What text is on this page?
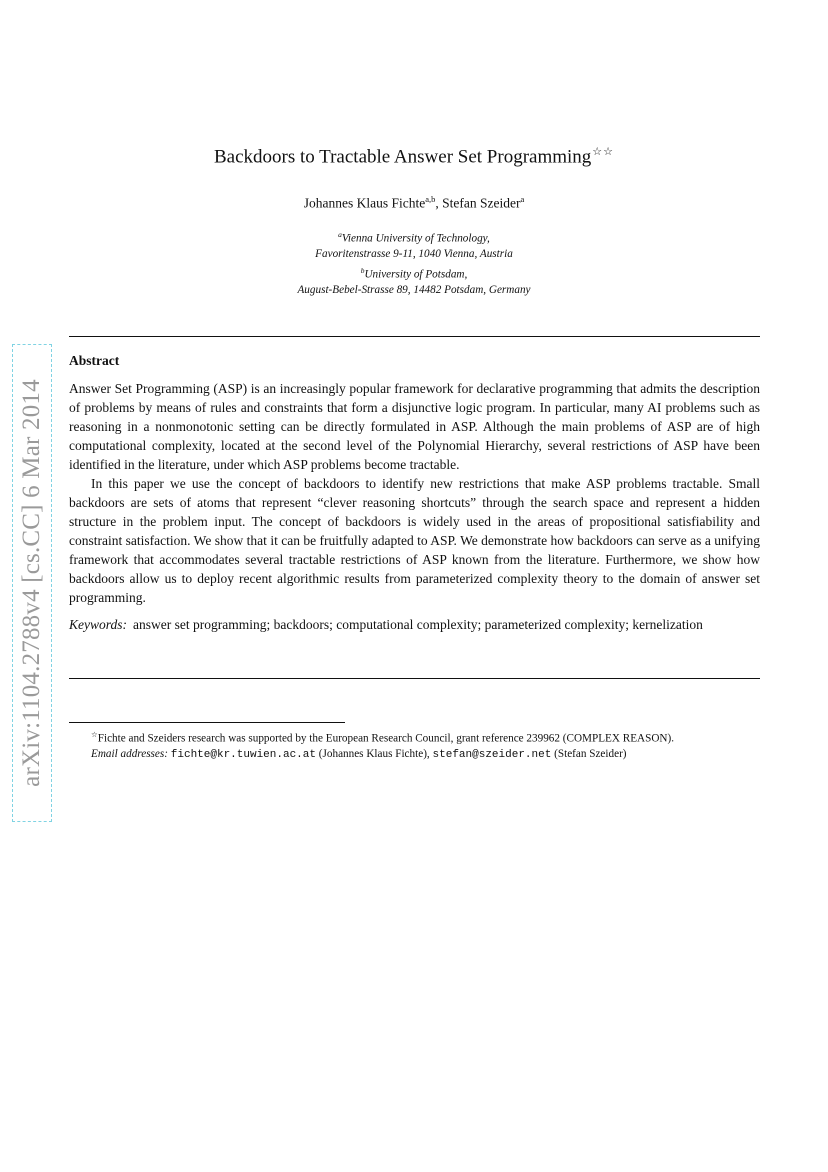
arXiv:1104.2788v4 [cs.CC] 6 Mar 2014
Backdoors to Tractable Answer Set Programming☆☆
Johannes Klaus Fichte$^{a,b}$, Stefan Szeider$^a$
$^a$Vienna University of Technology,
Favoritenstrasse 9-11, 1040 Vienna, Austria
$^b$University of Potsdam,
August-Bebel-Strasse 89, 14482 Potsdam, Germany
Abstract

Answer Set Programming (ASP) is an increasingly popular framework for declarative programming that admits the description of problems by means of rules and constraints that form a disjunctive logic program. In particular, many AI problems such as reasoning in a nonmonotonic setting can be directly formulated in ASP. Although the main problems of ASP are of high computational complexity, located at the second level of the Polynomial Hierarchy, several restrictions of ASP have been identified in the literature, under which ASP problems become tractable.

In this paper we use the concept of backdoors to identify new restrictions that make ASP problems tractable. Small backdoors are sets of atoms that represent “clever reasoning shortcuts” through the search space and represent a hidden structure in the problem input. The concept of backdoors is widely used in the areas of propositional satisfiability and constraint satisfaction. We show that it can be fruitfully adapted to ASP. We demonstrate how backdoors can serve as a unifying framework that accommodates several tractable restrictions of ASP known from the literature. Furthermore, we show how backdoors allow us to deploy recent algorithmic results from parameterized complexity theory to the domain of answer set programming.

Keywords: answer set programming; backdoors; computational complexity; parameterized complexity; kernelization
☆Fichte and Szeiders research was supported by the European Research Council, grant reference 239962 (COMPLEX REASON).
Email addresses: fichte@kr.tuwien.ac.at (Johannes Klaus Fichte), stefan@szeider.net (Stefan Szeider)
